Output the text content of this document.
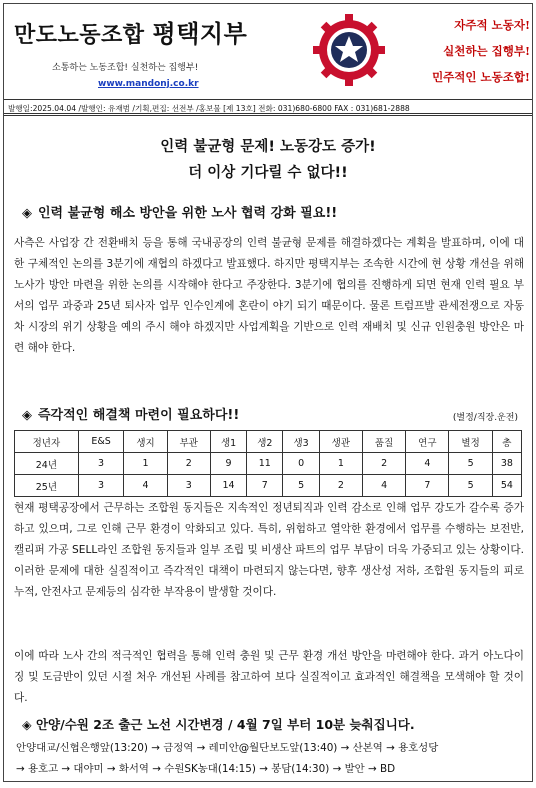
만도노동조합 평택지부
소통하는 노동조합! 실천하는 집행부!
www.mandonj.co.kr
자주적 노동자!
실천하는 집행부!
민주적인 노동조합!
발행일:2025.04.04 /발행인: 유재범 /기획,편집: 선전부 /홍보물 [제 13호] 전화: 031)680-6800 FAX : 031)681-2888
인력 불균형 문제! 노동강도 증가!
더 이상 기다릴 수 없다!!
◈ 인력 불균형 해소 방안을 위한 노사 협력 강화 필요!!
사측은 사업장 간 전환배치 등을 통해 국내공장의 인력 불균형 문제를 해결하겠다는 계획을 발표하며, 이에 대한 구체적인 논의를 3분기에 재협의 하겠다고 발표했다. 하지만 평택지부는 조속한 시간에 현 상황 개선을 위해 노사가 방안 마련을 위한 논의를 시작해야 한다고 주장한다. 3분기에 협의를 진행하게 되면 현재 인력 필요 부서의 업무 과중과 25년 퇴사자 업무 인수인계에 혼란이 야기 되기 때문이다. 물론 트럼프발 관세전쟁으로 자동차 시장의 위기 상황을 예의 주시 해야 하겠지만 사업계획을 기반으로 인력 재배치 및 신규 인원충원 방안은 마련 해야 한다.
◈ 즉각적인 해결책 마련이 필요하다!!	(별정/직장.운전)
정년자	E&S	생지	부관	생1	생2	생3	생관	품질	연구	별정	총
24년	3	1	2	9	11	0	1	2	4	5	38
25년	3	4	3	14	7	5	2	4	7	5	54
현재 평택공장에서 근무하는 조합원 동지들은 지속적인 정년퇴직과 인력 감소로 인해 업무 강도가 갈수록 증가하고 있으며, 그로 인해 근무 환경이 악화되고 있다. 특히, 위험하고 열악한 환경에서 업무를 수행하는 보전반, 캘리퍼 가공 SELL라인 조합원 동지들과 일부 조립 및 비생산 파트의 업무 부담이 더욱 가중되고 있는 상황이다. 이러한 문제에 대한 실질적이고 즉각적인 대책이 마련되지 않는다면, 향후 생산성 저하, 조합원 동지들의 피로 누적, 안전사고 문제등의 심각한 부작용이 발생할 것이다.
이에 따라 노사 간의 적극적인 협력을 통해 인력 충원 및 근무 환경 개선 방안을 마련해야 한다. 과거 아노다이징 및 도금반이 있던 시절 처우 개선된 사례를 참고하여 보다 실질적이고 효과적인 해결책을 모색해야 할 것이다.
◈ 안양/수원 2조 출근 노선 시간변경 / 4월 7일 부터 10분 늦춰집니다.
안양대교/신협은행앞(13:20) → 금정역 → 레미안@월단보도앞(13:40) → 산본역 → 용호성당
→ 용호고 → 대야미 → 화서역 → 수원SK농대(14:15) → 봉담(14:30) → 발안 → BD
